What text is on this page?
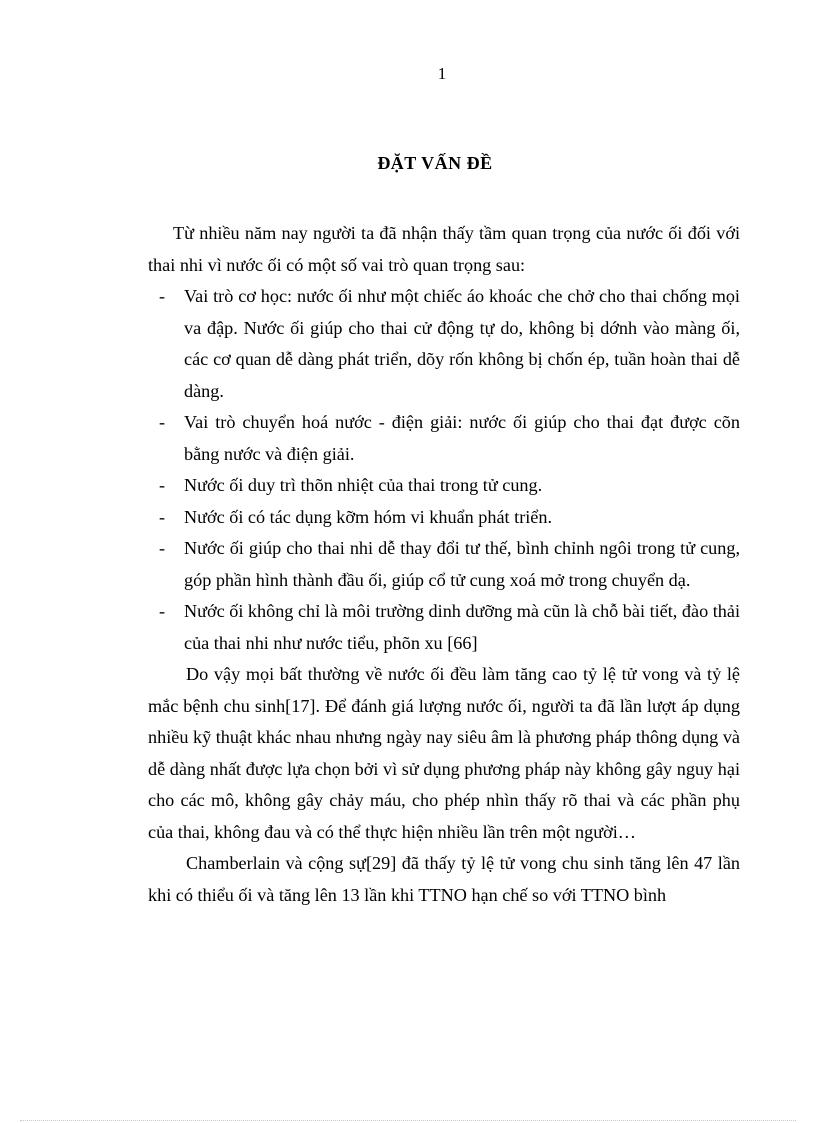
1
ĐẶT VẤN ĐỀ

Từ nhiều năm nay người ta đã nhận thấy tầm quan trọng của nước ối đối với thai nhi vì nước ối có một số vai trò quan trọng sau:

- Vai trò cơ học: nước ối như một chiếc áo khoác che chở cho thai chống mọi va đập. Nước ối giúp cho thai cử động tự do, không bị dớnh vào màng ối, các cơ quan dễ dàng phát triển, dõy rốn không bị chốn ép, tuần hoàn thai dễ dàng.
- Vai trò chuyển hoá nước - điện giải: nước ối giúp cho thai đạt được cõn bằng nước và điện giải.
- Nước ối duy trì thõn nhiệt của thai trong tử cung.
- Nước ối có tác dụng kỡm hóm vi khuẩn phát triển.
- Nước ối giúp cho thai nhi dễ thay đổi tư thế, bình chỉnh ngôi trong tử cung, góp phần hình thành đầu ối, giúp cổ tử cung xoá mở trong chuyển dạ.
- Nước ối không chỉ là môi trường dinh dưỡng mà cũn là chỗ bài tiết, đào thải của thai nhi như nước tiểu, phõn xu [66]

Do vậy mọi bất thường về nước ối đều làm tăng cao tỷ lệ tử vong và tỷ lệ mắc bệnh chu sinh[17]. Để đánh giá lượng nước ối, người ta đã lần lượt áp dụng nhiều kỹ thuật khác nhau nhưng ngày nay siêu âm là phương pháp thông dụng và dễ dàng nhất được lựa chọn bởi vì sử dụng phương pháp này không gây nguy hại cho các mô, không gây chảy máu, cho phép nhìn thấy rõ thai và các phần phụ của thai, không đau và có thể thực hiện nhiều lần trên một người…

Chamberlain và cộng sự[29] đã thấy tỷ lệ tử vong chu sinh tăng lên 47 lần khi có thiểu ối và tăng lên 13 lần khi TTNO hạn chế so với TTNO bình
